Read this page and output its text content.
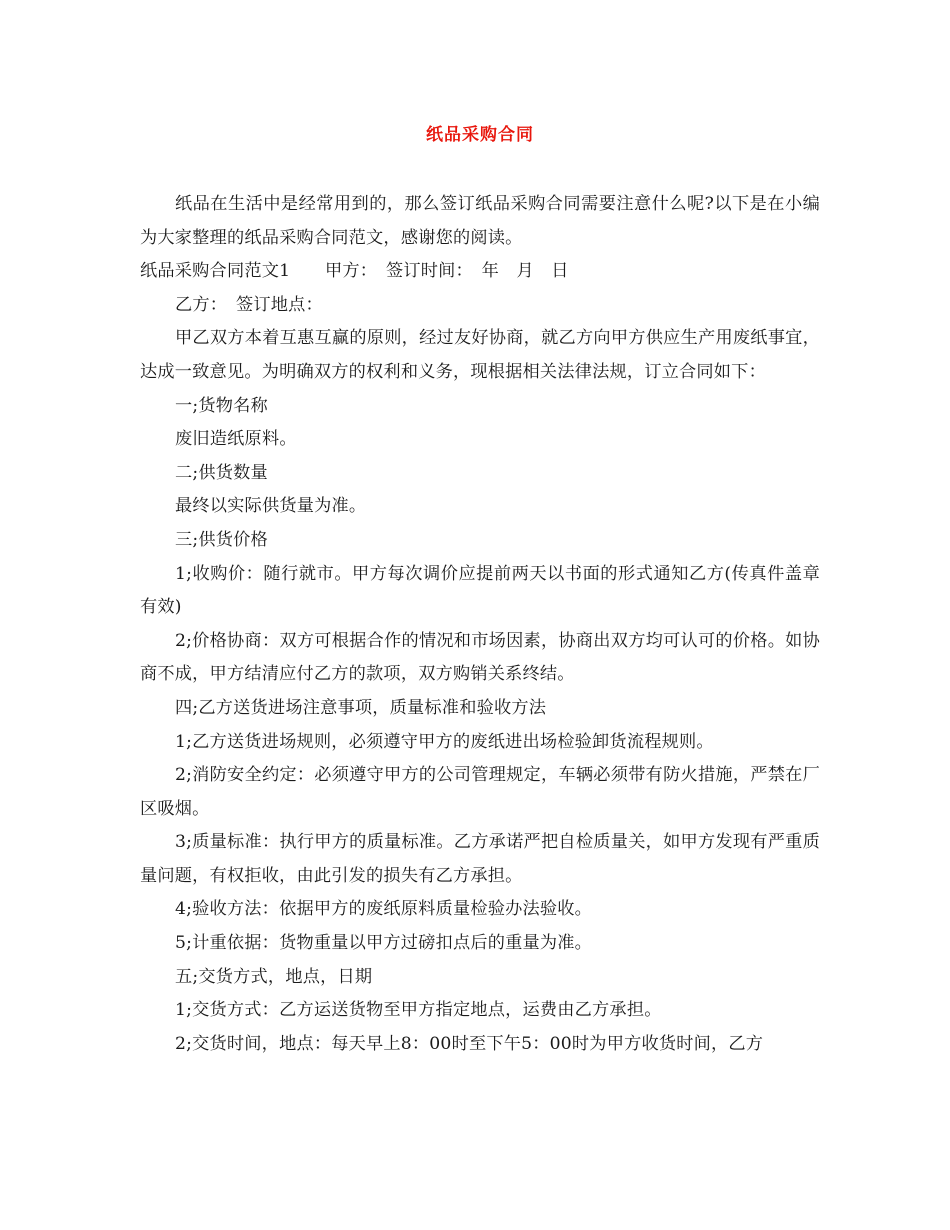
纸品采购合同

纸品在生活中是经常用到的，那么签订纸品采购合同需要注意什么呢?以下是在小编为大家整理的纸品采购合同范文，感谢您的阅读。

纸品采购合同范文1　　甲方：　签订时间：　年　月　日

乙方：　签订地点：

甲乙双方本着互惠互赢的原则，经过友好协商，就乙方向甲方供应生产用废纸事宜，达成一致意见。为明确双方的权利和义务，现根据相关法律法规，订立合同如下：

一;货物名称

废旧造纸原料。

二;供货数量

最终以实际供货量为准。

三;供货价格

1;收购价：随行就市。甲方每次调价应提前两天以书面的形式通知乙方(传真件盖章有效)

2;价格协商：双方可根据合作的情况和市场因素，协商出双方均可认可的价格。如协商不成，甲方结清应付乙方的款项，双方购销关系终结。

四;乙方送货进场注意事项，质量标准和验收方法

1;乙方送货进场规则，必须遵守甲方的废纸进出场检验卸货流程规则。

2;消防安全约定：必须遵守甲方的公司管理规定，车辆必须带有防火措施，严禁在厂区吸烟。

3;质量标准：执行甲方的质量标准。乙方承诺严把自检质量关，如甲方发现有严重质量问题，有权拒收，由此引发的损失有乙方承担。

4;验收方法：依据甲方的废纸原料质量检验办法验收。

5;计重依据：货物重量以甲方过磅扣点后的重量为准。

五;交货方式，地点，日期

1;交货方式：乙方运送货物至甲方指定地点，运费由乙方承担。

2;交货时间，地点：每天早上8：00时至下午5：00时为甲方收货时间，乙方
